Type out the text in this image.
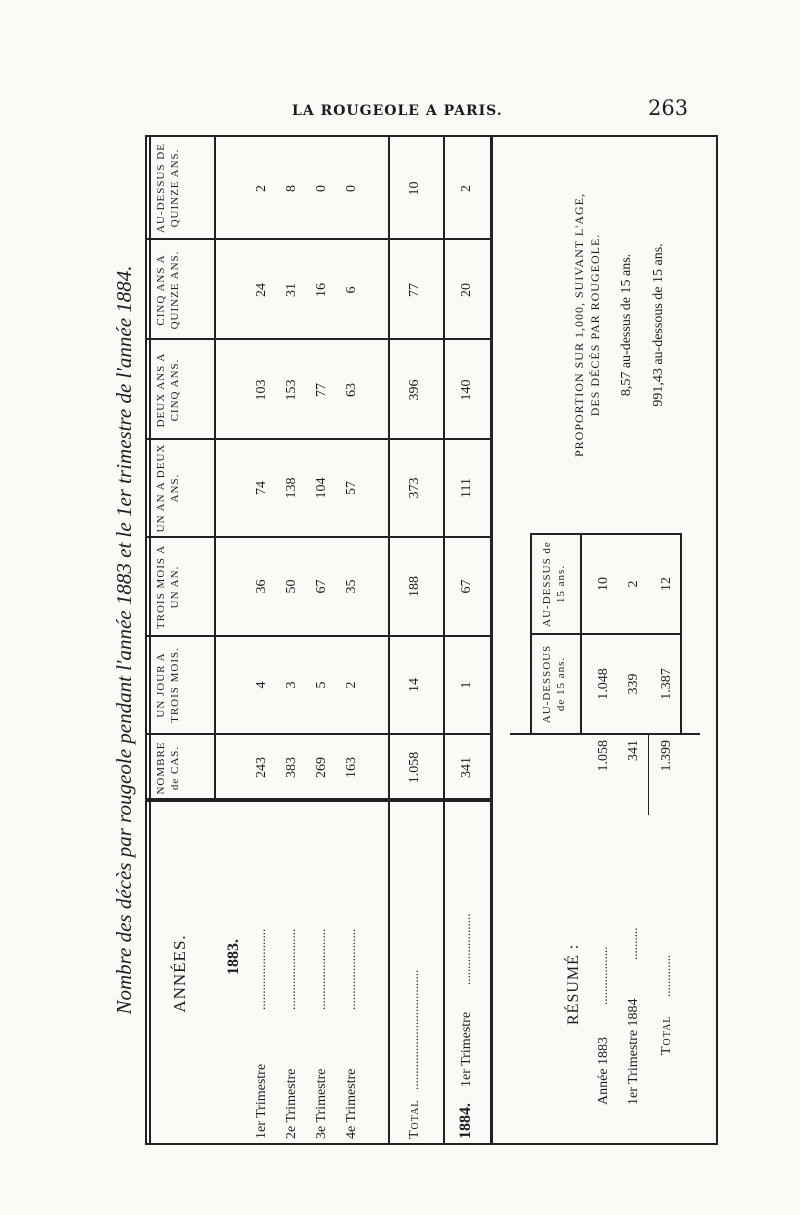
LA ROUGEOLE A PARIS.	263
Nombre des décès par rougeole pendant l'année 1883 et le 1er trimestre de l'année 1884.	ANNÉES.
NOMBRE de CAS.
UN JOUR A TROIS MOIS.
TROIS MOIS A UN AN.
UN AN A DEUX ANS.
DEUX ANS A CINQ ANS.
CINQ ANS A QUINZE ANS.
AU-DESSUS DE QUINZE ANS.
1883.
1er Trimestre
.........................
243
4
36
74
103
24
2
2e Trimestre
.........................
383
3
50
138
153
31
8
3e Trimestre
.........................
269
5
67
104
77
16
0
4e Trimestre
.........................
163
2
35
57
63
6
0
Total
.....................................
1.058
14
188
373
396
77
10
1884.
1er Trimestre
......................
341
1
67
111
140
20
2
RÉSUMÉ :
AU-DESSOUS de 15 ans.
AU-DESSUS de 15 ans.
Année 1883
..................
1.058
1.048
10
1er Trimestre 1884
..........
341
339
2
Total
.............
1.399
1.387
12
PROPORTION SUR 1,000, SUIVANT L'AGE, DES DÉCÈS PAR ROUGEOLE. 8,57 au-dessus de 15 ans. 991,43 au-dessous de 15 ans.
